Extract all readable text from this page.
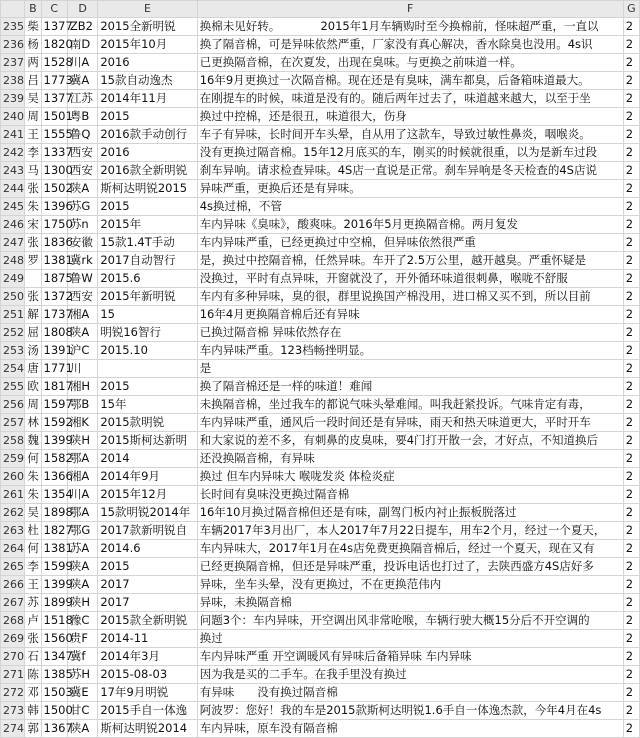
	B	C	D	E	F	G
235	柴	1377	ZB2	2015全新明锐	换棉未见好转。　　　　2015年1月车辆购时至今换棉前，怪味超严重，一直以	2
236	杨	1820	南D	2015年10月	换了隔音棉，可是异味依然严重，厂家没有真心解决，香水除臭也没用。4s识	2
237	两	1528	川A	2016	已更换隔音棉，在次夏发，出现在臭味。与更换之前味道一样。	2
238	吕	1773	冀A	15款自动逸杰	16年9月更换过一次隔音棉。现在还是有臭味，满车都臭，后备箱味道最大。	2
239	吴	1377	江苏	2014年11月	在刚提车的时候，味道是没有的。随后两年过去了，味道越来越大，以至于坐	2
240	周	1501	粤B	2015	换过中控棉，还是很丑，味道很大，伤身	2
241	王	1555	鲁Q	2016款手动创行	车子有异味，长时间开车头晕，自从用了这款车，导致过敏性鼻炎，咽喉炎。	2
242	李	1337	西安	2016	没有更换过隔音棉。15年12月底买的车，刚买的时候就很重，以为是新车过段	2
243	马	1300	西安	2016款全新明锐	刹车异响。请求检查异味。4S店一直说是正常。刹车异响是冬天检查的4S店说	2
244	张	1502	陕A	斯柯达明锐2015	异味严重，更换后还是有异味。	2
245	朱	1396	苏G	2015	4s换过棉，不管	2
246	宋	1750	苏n	2015年	车内异味《臭味》，酸爽味。2016年5月更换隔音棉。两月复发	2
247	张	1836	安徽	15款1.4T手动	车内异味严重，已经更换过中空棉，但异味依然很严重	2
248	罗	1381	冀rk	2017自动智行	是，换过中控隔音棉，任然异味。车开了2.5万公里，越开越臭。严重怀疑是	2
249		1875	鲁W	2015.6	没换过，平时有点异味，开窗就没了，开外循环味道很刺鼻，喉咙不舒服	2
250	张	1372	西安	2015年新明锐	车内有多种异味，臭的很，群里说换国产棉没用，进口棉又买不到，所以目前	2
251	解	1737	湘A	15	16年4月更换隔音棉后还有异味	2
252	屈	1808	陕A	明锐16智行	已换过隔音棉 异味依然存在	2
253	汤	1391	沪C	2015.10	车内异味严重。123档畅挫明显。	2
254	唐	1771	川		是	2
255	欧	1817	湘H	2015	换了隔音棉还是一样的味道！难闻	2
256	周	1597	鄂B	15年	未换隔音棉，坐过我车的都说气味头晕难闻。叫我赶紧投诉。气味肯定有毒，	2
257	林	1592	湘K	2015款明锐	车内异味严重，通风后一段时间还是有异味，雨天和热天味道更大，平时开车	2
258	魏	1399	陕H	2015斯柯达新明	和大家说的差不多，有刺鼻的皮臭味，要4门打开散一会，才好点，不知道换后	2
259	何	1582	鄂A	2014	还没换隔音棉，有异味	2
260	朱	1366	湘A	2014年9月	换过 但车内异味大 喉咙发炎 体检炎症	2
261	朱	1354	川A	2015年12月	长时间有臭味没更换过隔音棉	2
262	吴	1898	鄂A	15款明锐2014年	16年10月换过隔音棉但还是有味，副驾门板内衬止振板脱落过	2
263	杜	1827	鄂G	2017款新明锐自	车辆2017年3月出厂，本人2017年7月22日提车，用车2个月，经过一个夏天，	2
264	何	1381	苏A	2014.6	车内异味大，2017年1月在4s店免费更换隔音棉后，经过一个夏天，现在又有	2
265	李	1599	陕A	2015	已经更换隔音棉，但还是异味严重，投诉电话也打过了，去陕西盛方4S店好多	2
266	王	1399	陕A	2017	异味，坐车头晕，没有更换过，不在更换范伟内	2
267	苏	1899	陕H	2017	异味，未换隔音棉	2
268	卢	1518	豫C	2015款全新明锐	问题3个：车内异味，开空调出风非常呛喉，车辆行驶大概15分后不开空调的	2
269	张	1560	贵F	2014-11	换过	2
270	石	1347	冀f	2014年3月	车内异味严重 开空调暖风有异味后备箱异味 车内异味	2
271	陈	1385	苏H	2015-08-03	因为我是买的二手车。在我手里没有换过	2
272	邓	1503	冀E	17年9月明锐	有异味　　没有换过隔音棉	2
273	韩	1500	甘C	2015手自一体逸	阿波罗：您好！我的车是2015款斯柯达明锐1.6手自一体逸杰款，今年4月在4s	2
274	郭	1367	陕A	斯柯达明锐2014	车内异味，原车没有隔音棉	2
